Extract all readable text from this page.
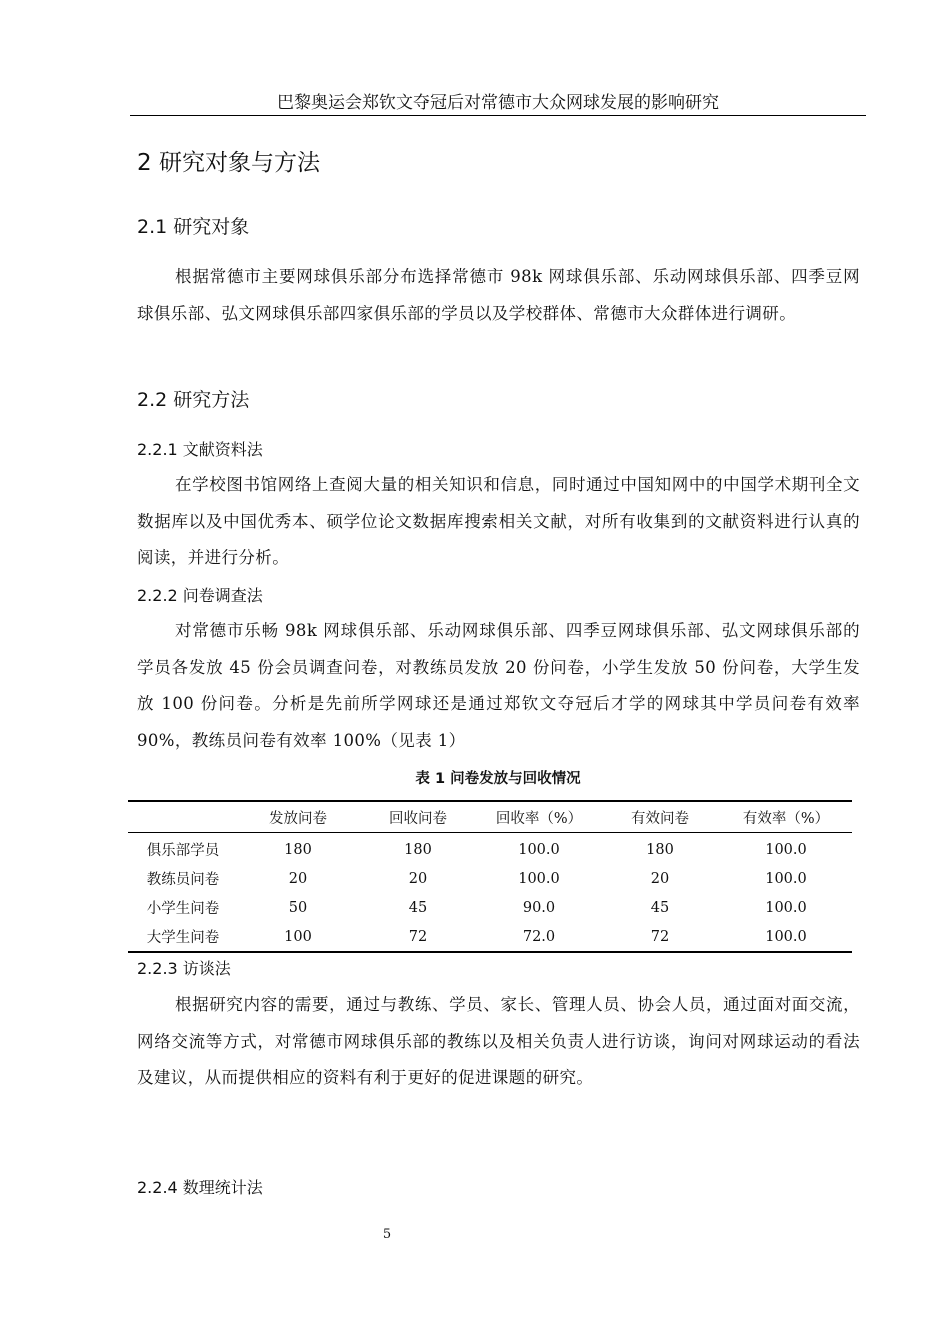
巴黎奥运会郑钦文夺冠后对常德市大众网球发展的影响研究
2 研究对象与方法
2.1 研究对象
根据常德市主要网球俱乐部分布选择常德市 98k 网球俱乐部、乐动网球俱乐部、四季豆网球俱乐部、弘文网球俱乐部四家俱乐部的学员以及学校群体、常德市大众群体进行调研。
2.2 研究方法
2.2.1 文献资料法
在学校图书馆网络上查阅大量的相关知识和信息，同时通过中国知网中的中国学术期刊全文数据库以及中国优秀本、硕学位论文数据库搜索相关文献，对所有收集到的文献资料进行认真的阅读，并进行分析。
2.2.2 问卷调查法
对常德市乐畅 98k 网球俱乐部、乐动网球俱乐部、四季豆网球俱乐部、弘文网球俱乐部的学员各发放 45 份会员调查问卷，对教练员发放 20 份问卷，小学生发放 50 份问卷，大学生发放 100 份问卷。分析是先前所学网球还是通过郑钦文夺冠后才学的网球其中学员问卷有效率 90%，教练员问卷有效率 100%（见表 1）
表 1 问卷发放与回收情况
	发放问卷	回收问卷	回收率（%）	有效问卷	有效率（%）
俱乐部学员	180	180	100.0	180	100.0
教练员问卷	20	20	100.0	20	100.0
小学生问卷	50	45	90.0	45	100.0
大学生问卷	100	72	72.0	72	100.0
2.2.3 访谈法
根据研究内容的需要，通过与教练、学员、家长、管理人员、协会人员，通过面对面交流，网络交流等方式，对常德市网球俱乐部的教练以及相关负责人进行访谈，询问对网球运动的看法及建议，从而提供相应的资料有利于更好的促进课题的研究。
2.2.4 数理统计法
5
